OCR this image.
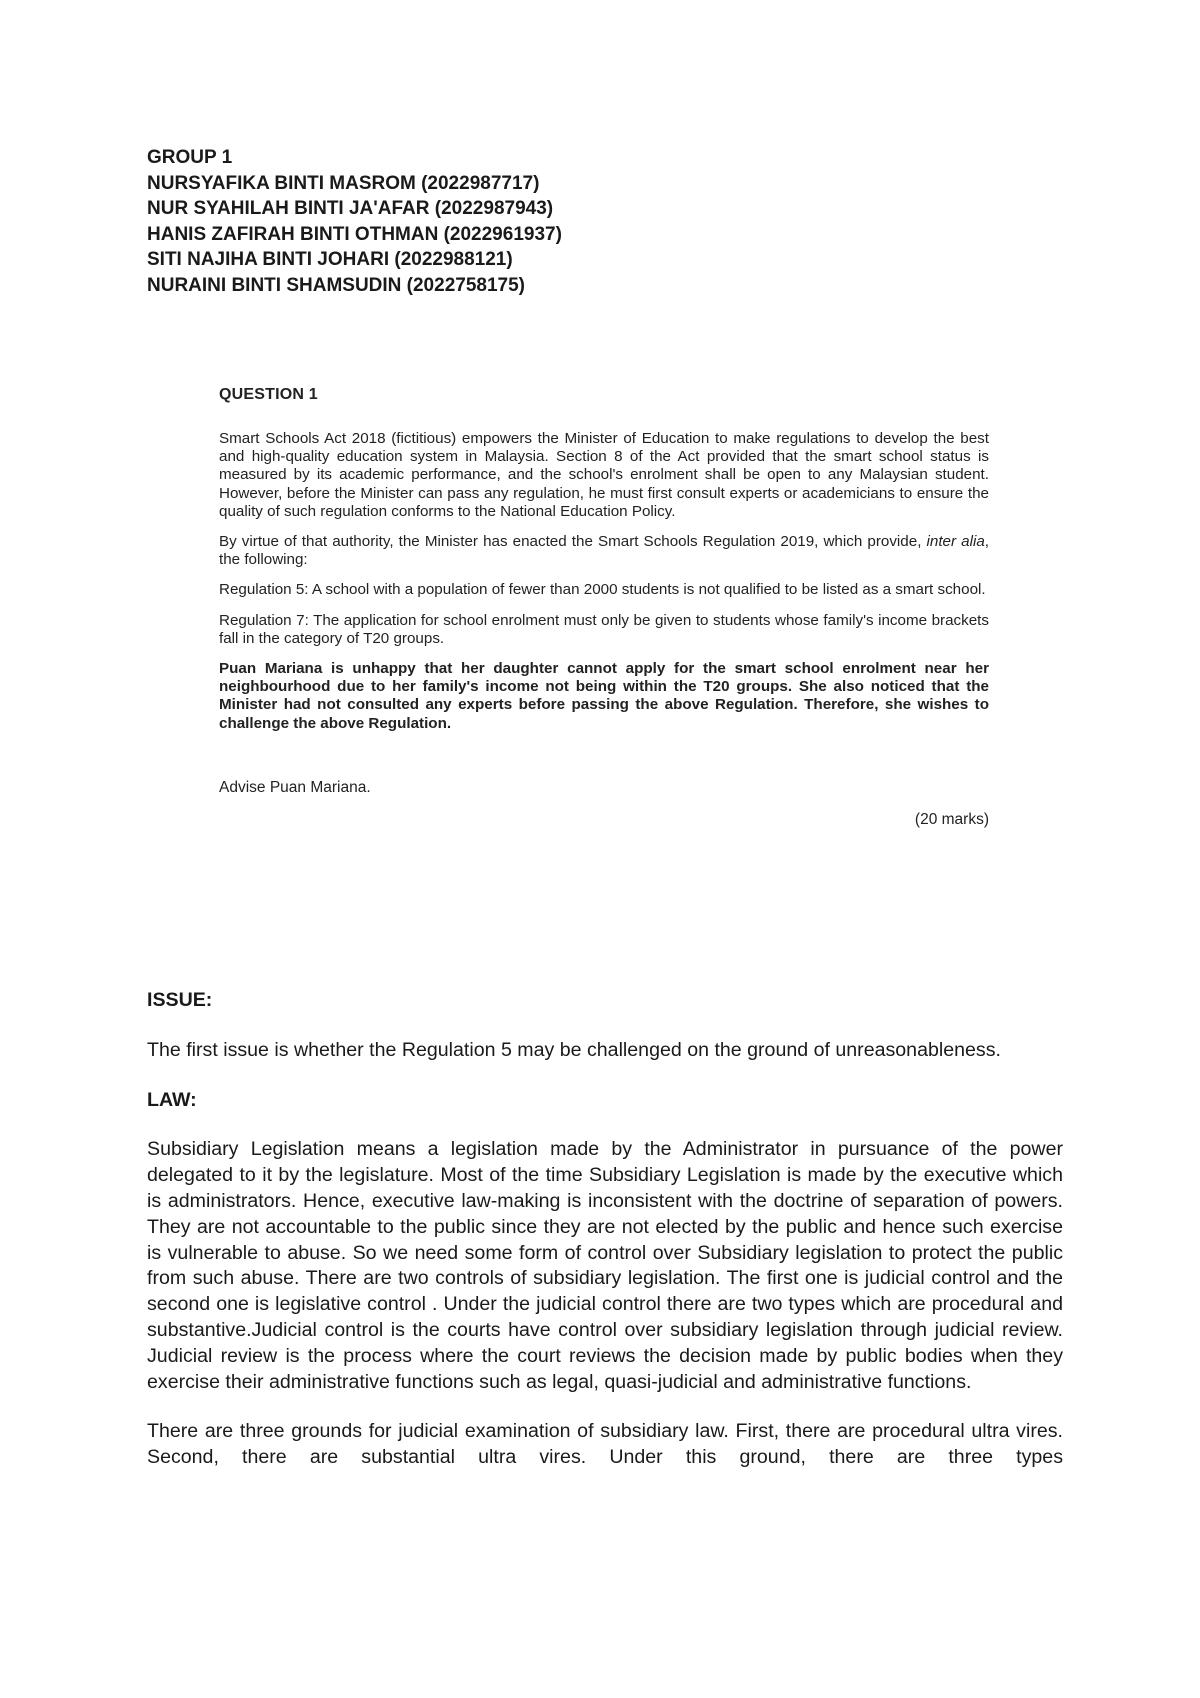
GROUP 1
NURSYAFIKA BINTI MASROM (2022987717)
NUR SYAHILAH BINTI JA'AFAR (2022987943)
HANIS ZAFIRAH BINTI OTHMAN (2022961937)
SITI NAJIHA BINTI JOHARI (2022988121)
NURAINI BINTI SHAMSUDIN (2022758175)
QUESTION 1

Smart Schools Act 2018 (fictitious) empowers the Minister of Education to make regulations to develop the best and high-quality education system in Malaysia. Section 8 of the Act provided that the smart school status is measured by its academic performance, and the school's enrolment shall be open to any Malaysian student. However, before the Minister can pass any regulation, he must first consult experts or academicians to ensure the quality of such regulation conforms to the National Education Policy.

By virtue of that authority, the Minister has enacted the Smart Schools Regulation 2019, which provide, inter alia, the following:

Regulation 5: A school with a population of fewer than 2000 students is not qualified to be listed as a smart school.

Regulation 7: The application for school enrolment must only be given to students whose family's income brackets fall in the category of T20 groups.

Puan Mariana is unhappy that her daughter cannot apply for the smart school enrolment near her neighbourhood due to her family's income not being within the T20 groups. She also noticed that the Minister had not consulted any experts before passing the above Regulation. Therefore, she wishes to challenge the above Regulation.

Advise Puan Mariana.
(20 marks)
ISSUE:
The first issue is whether the Regulation 5 may be challenged on the ground of unreasonableness.
LAW:
Subsidiary Legislation means a legislation made by the Administrator in pursuance of the power delegated to it by the legislature. Most of the time Subsidiary Legislation is made by the executive which is administrators. Hence, executive law-making is inconsistent with the doctrine of separation of powers. They are not accountable to the public since they are not elected by the public and hence such exercise is vulnerable to abuse. So we need some form of control over Subsidiary legislation to protect the public from such abuse. There are two controls of subsidiary legislation. The first one is judicial control and the second one is legislative control . Under the judicial control there are two types which are procedural and substantive.Judicial control is the courts have control over subsidiary legislation through judicial review. Judicial review is the process where the court reviews the decision made by public bodies when they exercise their administrative functions such as legal, quasi-judicial and administrative functions.
There are three grounds for judicial examination of subsidiary law. First, there are procedural ultra vires. Second, there are substantial ultra vires. Under this ground, there are three types
